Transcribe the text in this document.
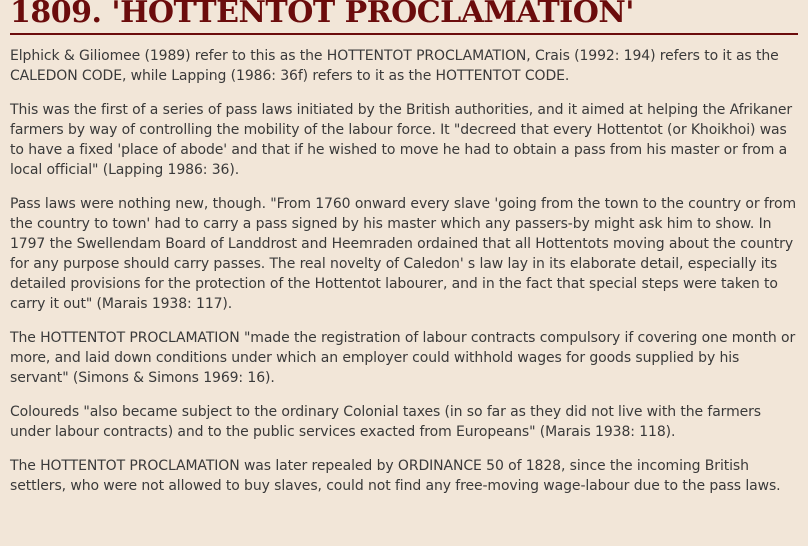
1809. 'HOTTENTOT PROCLAMATION'

Elphick & Giliomee (1989) refer to this as the HOTTENTOT PROCLAMATION, Crais (1992: 194) refers to it as the CALEDON CODE, while Lapping (1986: 36f) refers to it as the HOTTENTOT CODE.

This was the first of a series of pass laws initiated by the British authorities, and it aimed at helping the Afrikaner farmers by way of controlling the mobility of the labour force. It "decreed that every Hottentot (or Khoikhoi) was to have a fixed 'place of abode' and that if he wished to move he had to obtain a pass from his master or from a local official" (Lapping 1986: 36).

Pass laws were nothing new, though. "From 1760 onward every slave 'going from the town to the country or from the country to town' had to carry a pass signed by his master which any passers-by might ask him to show. In 1797 the Swellendam Board of Landdrost and Heemraden ordained that all Hottentots moving about the country for any purpose should carry passes. The real novelty of Caledon' s law lay in its elaborate detail, especially its detailed provisions for the protection of the Hottentot labourer, and in the fact that special steps were taken to carry it out" (Marais 1938: 117).

The HOTTENTOT PROCLAMATION "made the registration of labour contracts compulsory if covering one month or more, and laid down conditions under which an employer could withhold wages for goods supplied by his servant" (Simons & Simons 1969: 16).

Coloureds "also became subject to the ordinary Colonial taxes (in so far as they did not live with the farmers under labour contracts) and to the public services exacted from Europeans" (Marais 1938: 118).

The HOTTENTOT PROCLAMATION was later repealed by ORDINANCE 50 of 1828, since the incoming British settlers, who were not allowed to buy slaves, could not find any free-moving wage-labour due to the pass laws.
